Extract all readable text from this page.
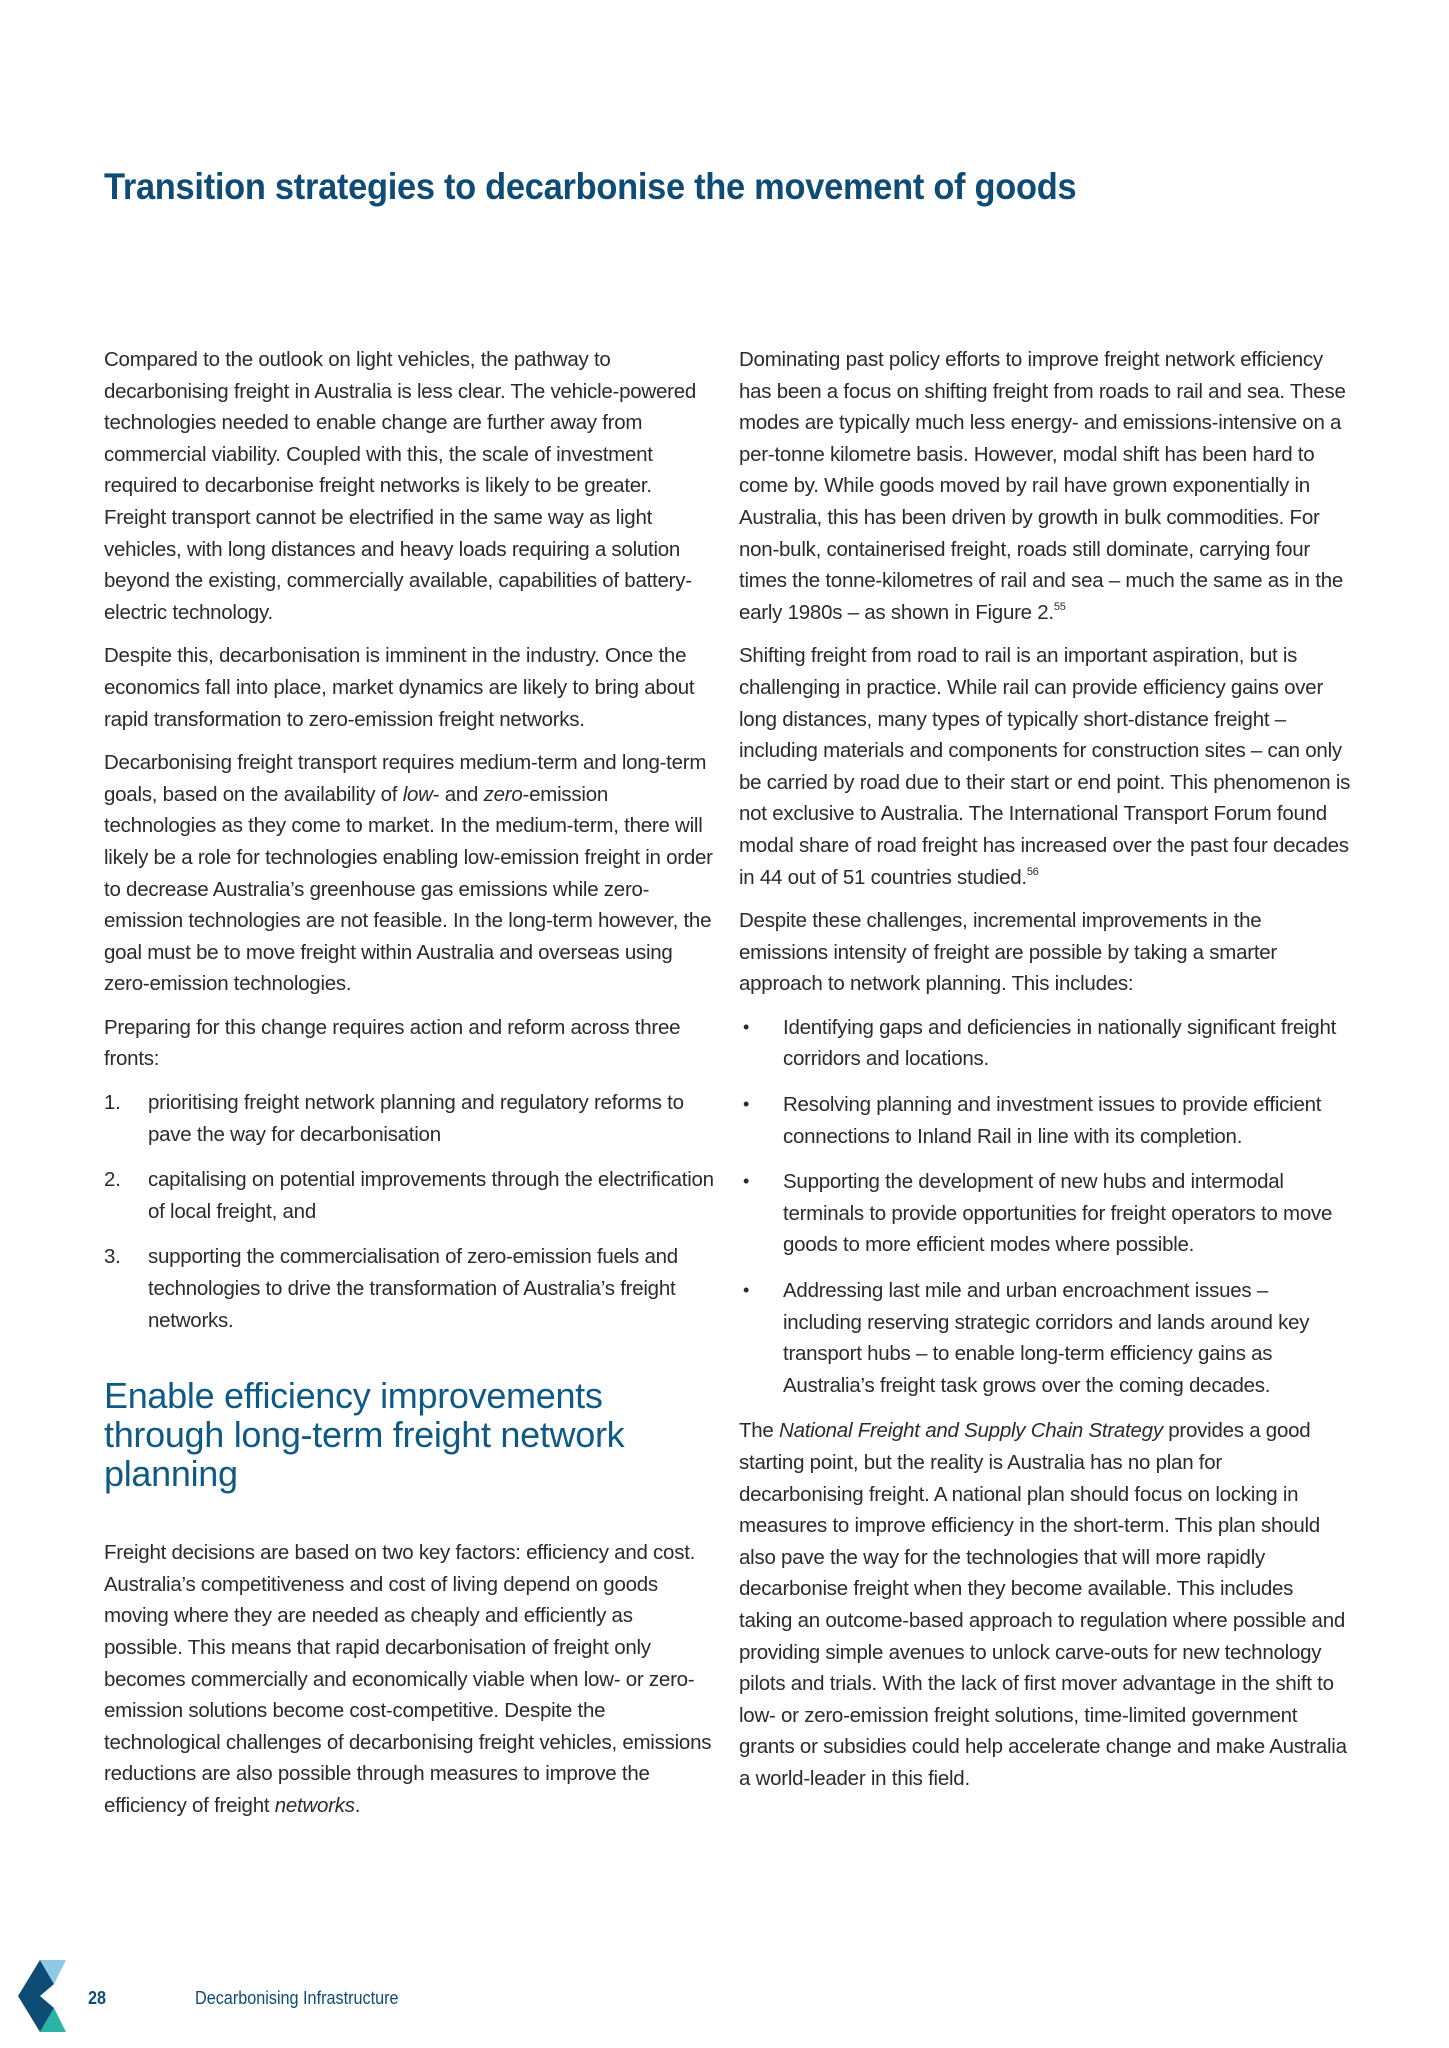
Transition strategies to decarbonise the movement of goods

Compared to the outlook on light vehicles, the pathway to decarbonising freight in Australia is less clear. The vehicle-powered technologies needed to enable change are further away from commercial viability. Coupled with this, the scale of investment required to decarbonise freight networks is likely to be greater. Freight transport cannot be electrified in the same way as light vehicles, with long distances and heavy loads requiring a solution beyond the existing, commercially available, capabilities of battery-electric technology.

Despite this, decarbonisation is imminent in the industry. Once the economics fall into place, market dynamics are likely to bring about rapid transformation to zero-emission freight networks.

Decarbonising freight transport requires medium-term and long-term goals, based on the availability of low- and zero-emission technologies as they come to market. In the medium-term, there will likely be a role for technologies enabling low-emission freight in order to decrease Australia’s greenhouse gas emissions while zero-emission technologies are not feasible. In the long-term however, the goal must be to move freight within Australia and overseas using zero-emission technologies.

Preparing for this change requires action and reform across three fronts:

1. prioritising freight network planning and regulatory reforms to pave the way for decarbonisation
2. capitalising on potential improvements through the electrification of local freight, and
3. supporting the commercialisation of zero-emission fuels and technologies to drive the transformation of Australia’s freight networks.
Enable efficiency improvements through long-term freight network planning

Freight decisions are based on two key factors: efficiency and cost. Australia’s competitiveness and cost of living depend on goods moving where they are needed as cheaply and efficiently as possible. This means that rapid decarbonisation of freight only becomes commercially and economically viable when low- or zero-emission solutions become cost-competitive. Despite the technological challenges of decarbonising freight vehicles, emissions reductions are also possible through measures to improve the efficiency of freight networks.

Dominating past policy efforts to improve freight network efficiency has been a focus on shifting freight from roads to rail and sea. These modes are typically much less energy- and emissions-intensive on a per-tonne kilometre basis. However, modal shift has been hard to come by. While goods moved by rail have grown exponentially in Australia, this has been driven by growth in bulk commodities. For non-bulk, containerised freight, roads still dominate, carrying four times the tonne-kilometres of rail and sea – much the same as in the early 1980s – as shown in Figure 2.55

Shifting freight from road to rail is an important aspiration, but is challenging in practice. While rail can provide efficiency gains over long distances, many types of typically short-distance freight – including materials and components for construction sites – can only be carried by road due to their start or end point. This phenomenon is not exclusive to Australia. The International Transport Forum found modal share of road freight has increased over the past four decades in 44 out of 51 countries studied.$^{56}$

Despite these challenges, incremental improvements in the emissions intensity of freight are possible by taking a smarter approach to network planning. This includes:

• Identifying gaps and deficiencies in nationally significant freight corridors and locations.
• Resolving planning and investment issues to provide efficient connections to Inland Rail in line with its completion.
• Supporting the development of new hubs and intermodal terminals to provide opportunities for freight operators to move goods to more efficient modes where possible.
• Addressing last mile and urban encroachment issues – including reserving strategic corridors and lands around key transport hubs – to enable long-term efficiency gains as Australia’s freight task grows over the coming decades.

The National Freight and Supply Chain Strategy provides a good starting point, but the reality is Australia has no plan for decarbonising freight. A national plan should focus on locking in measures to improve efficiency in the short-term. This plan should also pave the way for the technologies that will more rapidly decarbonise freight when they become available. This includes taking an outcome-based approach to regulation where possible and providing simple avenues to unlock carve-outs for new technology pilots and trials. With the lack of first mover advantage in the shift to low- or zero-emission freight solutions, time-limited government grants or subsidies could help accelerate change and make Australia a world-leader in this field.

28	Decarbonising Infrastructure
